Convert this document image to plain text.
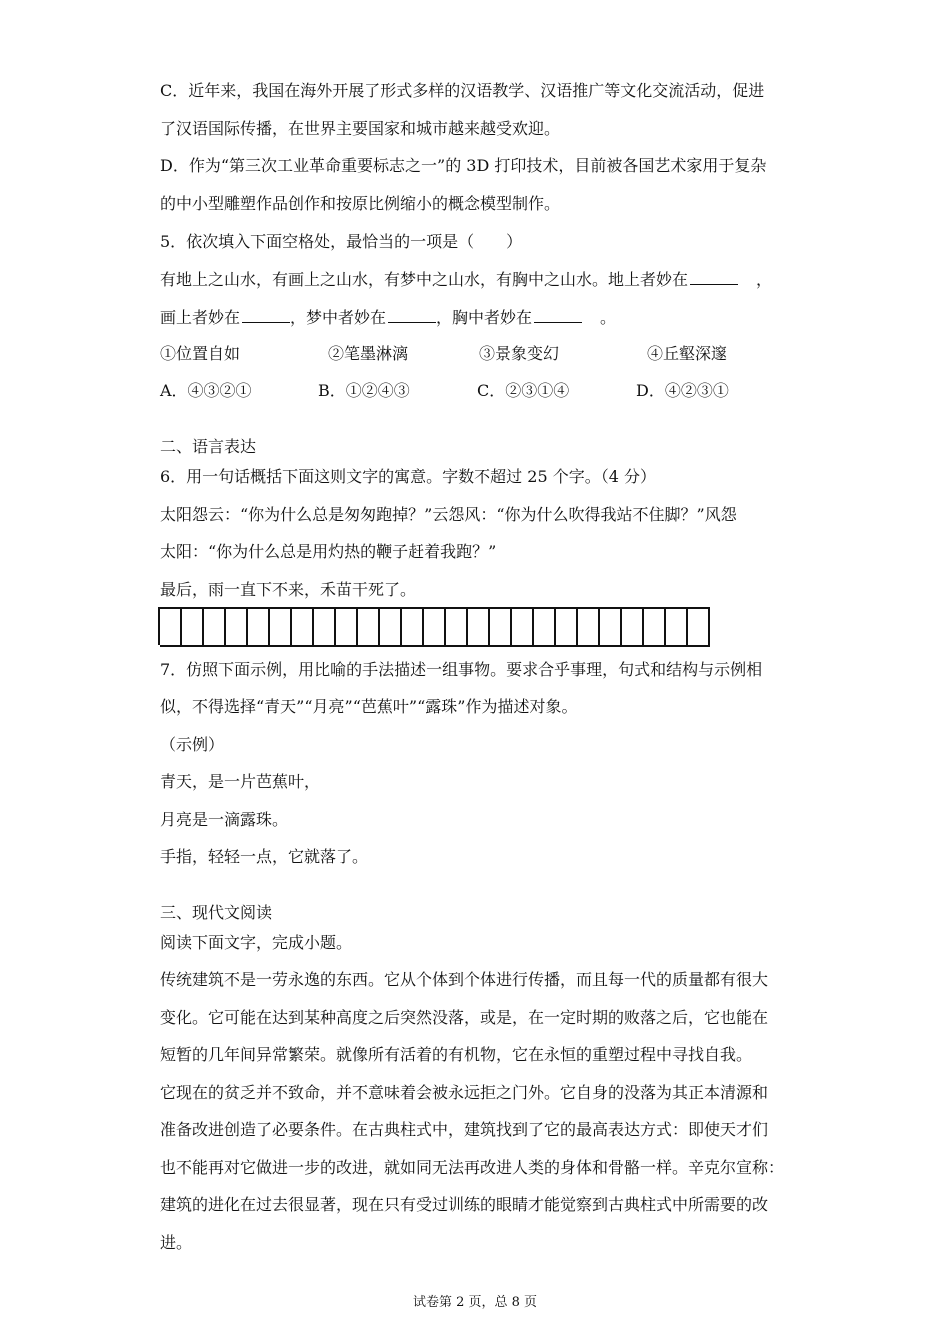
C．近年来，我国在海外开展了形式多样的汉语教学、汉语推广等文化交流活动，促进
了汉语国际传播，在世界主要国家和城市越来越受欢迎。
D．作为“第三次工业革命重要标志之一”的 3D 打印技术，目前被各国艺术家用于复杂
的中小型雕塑作品创作和按原比例缩小的概念模型制作。
5．依次填入下面空格处，最恰当的一项是（　　）
有地上之山水，有画上之山水，有梦中之山水，有胸中之山水。地上者妙在	，
画上者妙在	，梦中者妙在	，胸中者妙在	。
①位置自如	②笔墨淋漓	③景象变幻	④丘壑深邃
A．④③②①	B．①②④③	C．②③①④	D．④②③①
二、语言表达
6．用一句话概括下面这则文字的寓意。字数不超过 25 个字。（4 分）
太阳怨云：“你为什么总是匆匆跑掉？”云怨风：“你为什么吹得我站不住脚？”风怨
太阳：“你为什么总是用灼热的鞭子赶着我跑？”
最后，雨一直下不来，禾苗干死了。
7．仿照下面示例，用比喻的手法描述一组事物。要求合乎事理，句式和结构与示例相
似，不得选择“青天”“月亮”“芭蕉叶”“露珠”作为描述对象。
（示例）
青天，是一片芭蕉叶，
月亮是一滴露珠。
手指，轻轻一点，它就落了。
三、现代文阅读
阅读下面文字，完成小题。
传统建筑不是一劳永逸的东西。它从个体到个体进行传播，而且每一代的质量都有很大
变化。它可能在达到某种高度之后突然没落，或是，在一定时期的败落之后，它也能在
短暂的几年间异常繁荣。就像所有活着的有机物，它在永恒的重塑过程中寻找自我。
它现在的贫乏并不致命，并不意味着会被永远拒之门外。它自身的没落为其正本清源和
准备改进创造了必要条件。在古典柱式中，建筑找到了它的最高表达方式：即使天才们
也不能再对它做进一步的改进，就如同无法再改进人类的身体和骨骼一样。辛克尔宣称：
建筑的进化在过去很显著，现在只有受过训练的眼睛才能觉察到古典柱式中所需要的改
进。
试卷第 2 页，总 8 页
